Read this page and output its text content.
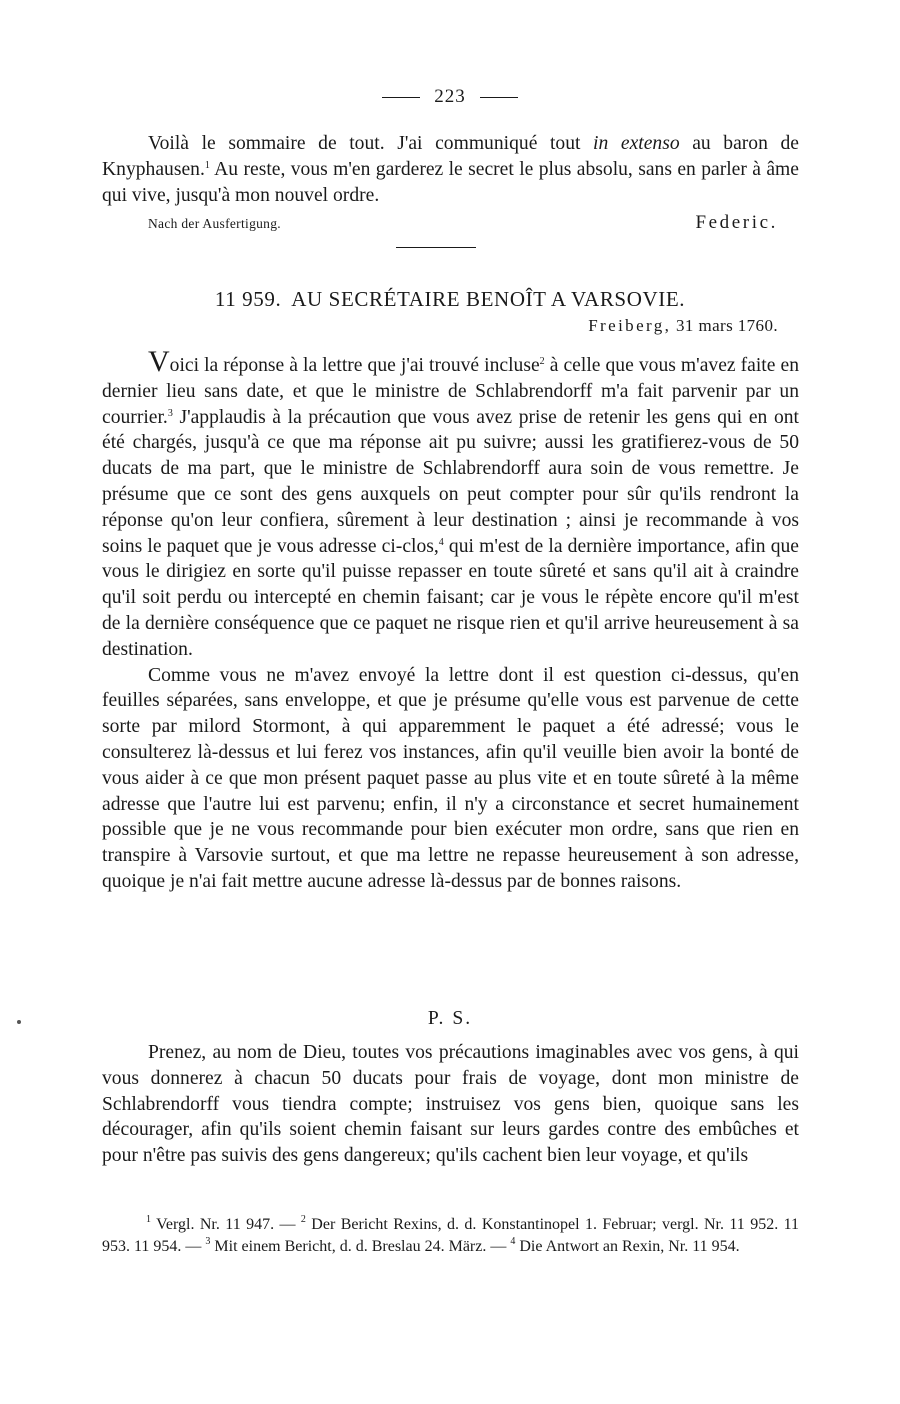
223

Voilà le sommaire de tout. J'ai communiqué tout in extenso au baron de Knyphausen.$^1$ Au reste, vous m'en garderez le secret le plus absolu, sans en parler à âme qui vive, jusqu'à mon nouvel ordre.

Nach der Ausfertigung.	Federic.
11 959. AU SECRÉTAIRE BENOÎT A VARSOVIE.
Freiberg, 31 mars 1760.

Voici la réponse à la lettre que j'ai trouvé incluse$^2$ à celle que vous m'avez faite en dernier lieu sans date, et que le ministre de Schlabrendorff m'a fait parvenir par un courrier.$^3$ J'applaudis à la précaution que vous avez prise de retenir les gens qui en ont été chargés, jusqu'à ce que ma réponse ait pu suivre; aussi les gratifierez-vous de 50 ducats de ma part, que le ministre de Schlabrendorff aura soin de vous remettre. Je présume que ce sont des gens auxquels on peut compter pour sûr qu'ils rendront la réponse qu'on leur confiera, sûrement à leur destination ; ainsi je recommande à vos soins le paquet que je vous adresse ci-clos,$^4$ qui m'est de la dernière importance, afin que vous le dirigiez en sorte qu'il puisse repasser en toute sûreté et sans qu'il ait à craindre qu'il soit perdu ou intercepté en chemin faisant; car je vous le répète encore qu'il m'est de la dernière conséquence que ce paquet ne risque rien et qu'il arrive heureusement à sa destination.

Comme vous ne m'avez envoyé la lettre dont il est question ci-dessus, qu'en feuilles séparées, sans enveloppe, et que je présume qu'elle vous est parvenue de cette sorte par milord Stormont, à qui apparemment le paquet a été adressé; vous le consulterez là-dessus et lui ferez vos instances, afin qu'il veuille bien avoir la bonté de vous aider à ce que mon présent paquet passe au plus vite et en toute sûreté à la même adresse que l'autre lui est parvenu; enfin, il n'y a circonstance et secret humainement possible que je ne vous recommande pour bien exécuter mon ordre, sans que rien en transpire à Varsovie surtout, et que ma lettre ne repasse heureusement à son adresse, quoique je n'ai fait mettre aucune adresse là-dessus par de bonnes raisons.

P. S.

Prenez, au nom de Dieu, toutes vos précautions imaginables avec vos gens, à qui vous donnerez à chacun 50 ducats pour frais de voyage, dont mon ministre de Schlabrendorff vous tiendra compte; instruisez vos gens bien, quoique sans les décourager, afin qu'ils soient chemin faisant sur leurs gardes contre des embûches et pour n'être pas suivis des gens dangereux; qu'ils cachent bien leur voyage, et qu'ils

$^1$ Vergl. Nr. 11 947. — $^2$ Der Bericht Rexins, d. d. Konstantinopel 1. Februar; vergl. Nr. 11 952. 11 953. 11 954. — $^3$ Mit einem Bericht, d. d. Breslau 24. März. — $^4$ Die Antwort an Rexin, Nr. 11 954.
